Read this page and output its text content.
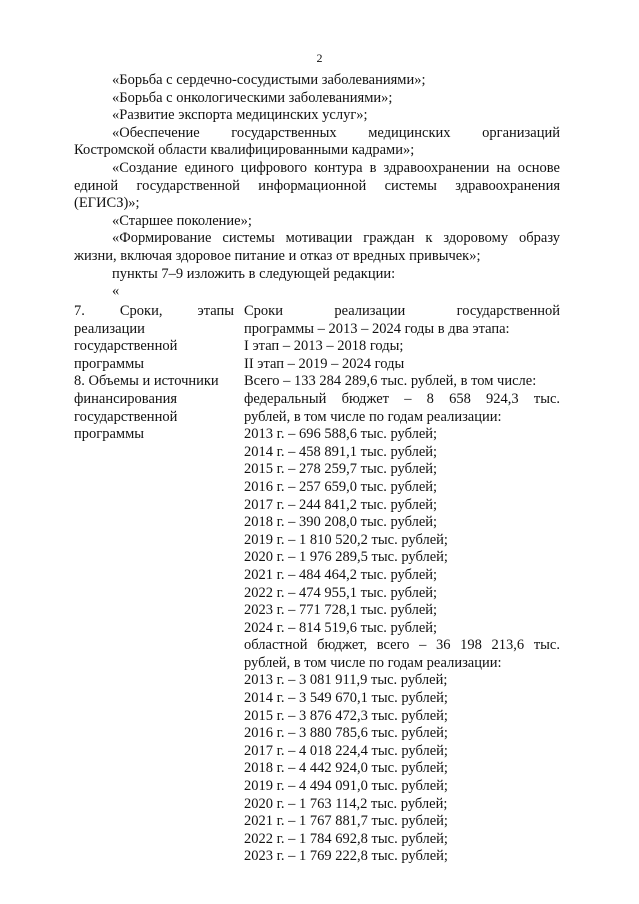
2

«Борьба с сердечно-сосудистыми заболеваниями»;

«Борьба с онкологическими заболеваниями»;

«Развитие экспорта медицинских услуг»;

«Обеспечение государственных медицинских организаций
Костромской области квалифицированными кадрами»;
«Создание единого цифрового контура в здравоохранении на основе
единой государственной информационной системы здравоохранения
(ЕГИСЗ)»;

«Старшее поколение»;

«Формирование системы мотивации граждан к здоровому образу
жизни, включая здоровое питание и отказ от вредных привычек»;

пункты 7–9 изложить в следующей редакции:

«

7. Сроки, этапы
реализации
государственной
программы
Сроки реализации государственной
программы – 2013 – 2024 годы в два этапа:
I этап – 2013 – 2018 годы;
II этап – 2019 – 2024 годы
8. Объемы и источники
финансирования
государственной
программы
Всего – 133 284 289,6 тыс. рублей, в том числе:
федеральный бюджет – 8 658 924,3 тыс.
рублей, в том числе по годам реализации:
2013 г. – 696 588,6 тыс. рублей;
2014 г. – 458 891,1 тыс. рублей;
2015 г. – 278 259,7 тыс. рублей;
2016 г. – 257 659,0 тыс. рублей;
2017 г. – 244 841,2 тыс. рублей;
2018 г. – 390 208,0 тыс. рублей;
2019 г. – 1 810 520,2 тыс. рублей;
2020 г. – 1 976 289,5 тыс. рублей;
2021 г. – 484 464,2 тыс. рублей;
2022 г. – 474 955,1 тыс. рублей;
2023 г. – 771 728,1 тыс. рублей;
2024 г. – 814 519,6 тыс. рублей;
областной бюджет, всего – 36 198 213,6 тыс.
рублей, в том числе по годам реализации:
2013 г. – 3 081 911,9 тыс. рублей;
2014 г. – 3 549 670,1 тыс. рублей;
2015 г. – 3 876 472,3 тыс. рублей;
2016 г. – 3 880 785,6 тыс. рублей;
2017 г. – 4 018 224,4 тыс. рублей;
2018 г. – 4 442 924,0 тыс. рублей;
2019 г. – 4 494 091,0 тыс. рублей;
2020 г. – 1 763 114,2 тыс. рублей;
2021 г. – 1 767 881,7 тыс. рублей;
2022 г. – 1 784 692,8 тыс. рублей;
2023 г. – 1 769 222,8 тыс. рублей;
